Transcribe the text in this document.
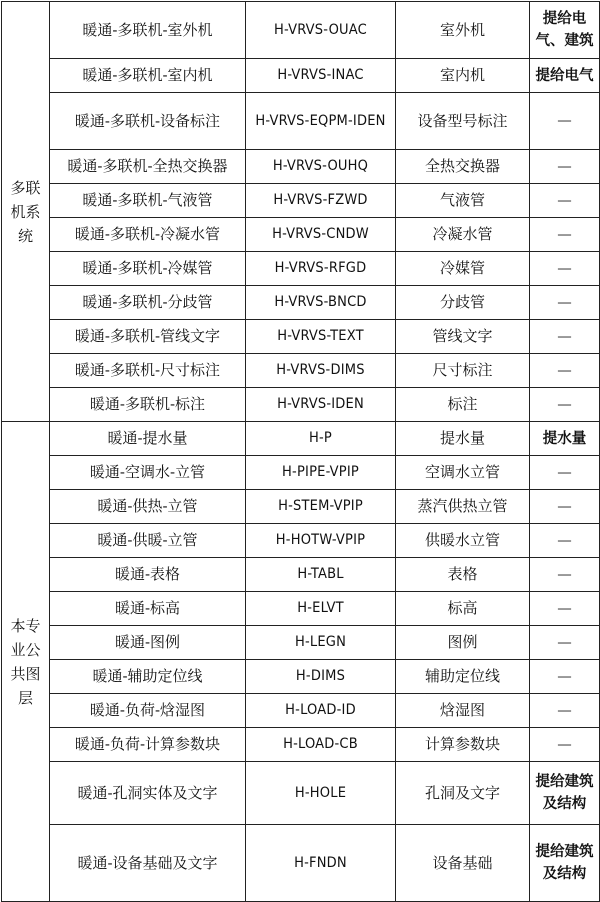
多联机系统	暖通-多联机-室外机	H-VRVS-OUAC	室外机	提给电气、建筑
	暖通-多联机-室内机	H-VRVS-INAC	室内机	提给电气
	暖通-多联机-设备标注	H-VRVS-EQPM-IDEN	设备型号标注	—
	暖通-多联机-全热交换器	H-VRVS-OUHQ	全热交换器	—
	暖通-多联机-气液管	H-VRVS-FZWD	气液管	—
	暖通-多联机-冷凝水管	H-VRVS-CNDW	冷凝水管	—
	暖通-多联机-冷媒管	H-VRVS-RFGD	冷媒管	—
	暖通-多联机-分歧管	H-VRVS-BNCD	分歧管	—
	暖通-多联机-管线文字	H-VRVS-TEXT	管线文字	—
	暖通-多联机-尺寸标注	H-VRVS-DIMS	尺寸标注	—
	暖通-多联机-标注	H-VRVS-IDEN	标注	—
本专业公共图层	暖通-提水量	H-P	提水量	提水量
	暖通-空调水-立管	H-PIPE-VPIP	空调水立管	—
	暖通-供热-立管	H-STEM-VPIP	蒸汽供热立管	—
	暖通-供暖-立管	H-HOTW-VPIP	供暖水立管	—
	暖通-表格	H-TABL	表格	—
	暖通-标高	H-ELVT	标高	—
	暖通-图例	H-LEGN	图例	—
	暖通-辅助定位线	H-DIMS	辅助定位线	—
	暖通-负荷-焓湿图	H-LOAD-ID	焓湿图	—
	暖通-负荷-计算参数块	H-LOAD-CB	计算参数块	—
	暖通-孔洞实体及文字	H-HOLE	孔洞及文字	提给建筑及结构
	暖通-设备基础及文字	H-FNDN	设备基础	提给建筑及结构
